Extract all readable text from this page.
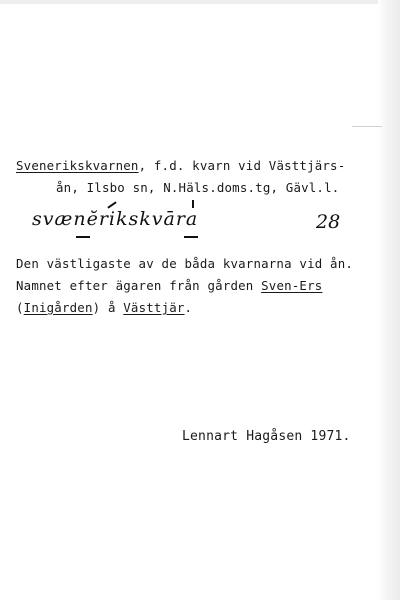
Svenerikskvarnen, f.d. kvarn vid Västtjärs-
ån, Ilsbo sn, N.Häls.doms.tg, Gävl.l.
svænĕrikskvāra	28
Den västligaste av de båda kvarnarna vid ån.
Namnet efter ägaren från gården Sven-Ers
(Inigården) å Västtjär.
Lennart Hagåsen 1971.
